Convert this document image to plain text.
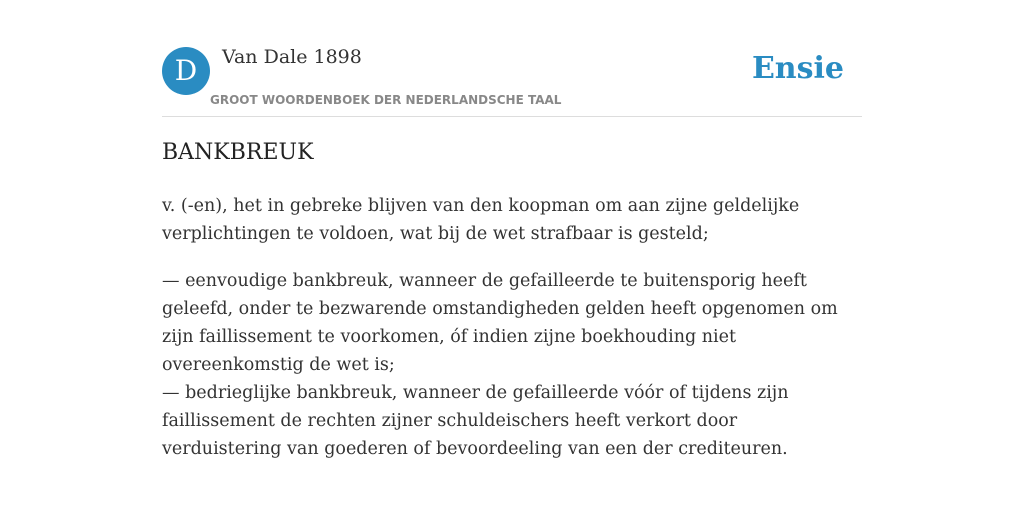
D	Van Dale 1898
GROOT WOORDENBOEK DER NEDERLANDSCHE TAAL
Ensie
BANKBREUK

v. (-en), het in gebreke blijven van den koopman om aan zijne geldelijke verplichtingen te voldoen, wat bij de wet strafbaar is gesteld;

— eenvoudige bankbreuk, wanneer de gefailleerde te buitensporig heeft geleefd, onder te bezwarende omstandigheden gelden heeft opgenomen om zijn faillissement te voorkomen, óf indien zijne boekhouding niet overeenkomstig de wet is;
— bedrieglijke bankbreuk, wanneer de gefailleerde vóór of tijdens zijn faillissement de rechten zijner schuldeischers heeft verkort door verduistering van goederen of bevoordeeling van een der crediteuren.
